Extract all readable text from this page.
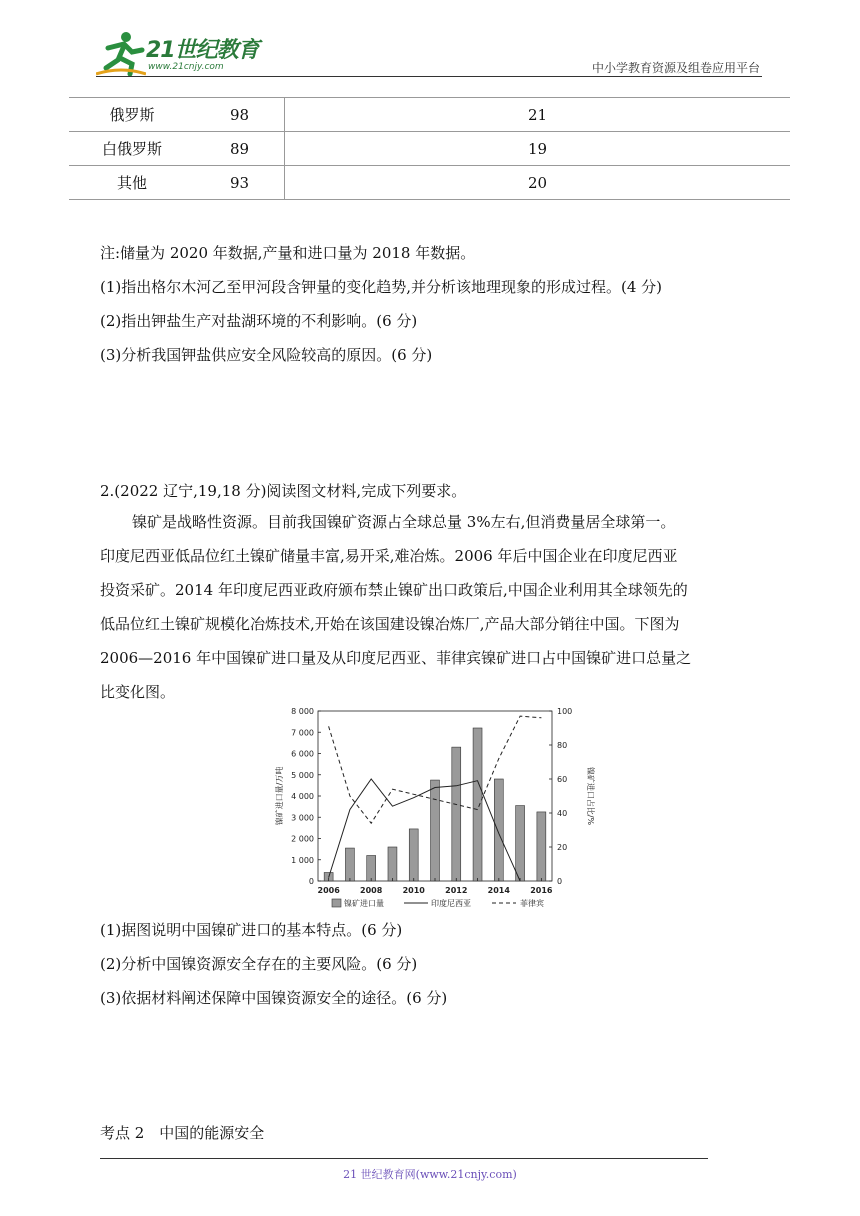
21世纪教育
www.21cnjy.com	中小学教育资源及组卷应用平台
俄罗斯	98	21
白俄罗斯	89	19
其他	93	20
注:储量为 2020 年数据,产量和进口量为 2018 年数据。
(1)指出格尔木河乙至甲河段含钾量的变化趋势,并分析该地理现象的形成过程。(4 分)
(2)指出钾盐生产对盐湖环境的不利影响。(6 分)
(3)分析我国钾盐供应安全风险较高的原因。(6 分)
2.(2022 辽宁,19,18 分)阅读图文材料,完成下列要求。
镍矿是战略性资源。目前我国镍矿资源占全球总量 3%左右,但消费量居全球第一。
印度尼西亚低品位红土镍矿储量丰富,易开采,难冶炼。2006 年后中国企业在印度尼西亚
投资采矿。2014 年印度尼西亚政府颁布禁止镍矿出口政策后,中国企业利用其全球领先的
低品位红土镍矿规模化冶炼技术,开始在该国建设镍冶炼厂,产品大部分销往中国。下图为
2006—2016 年中国镍矿进口量及从印度尼西亚、菲律宾镍矿进口占中国镍矿进口总量之
比变化图。
0
1 000
2 000
3 000
4 000
5 000
6 000
7 000
8 000
0
20
40
60
80
100
镍矿进口量/万吨	镍矿进口占比/%
2006	2008	2010	2012	2014	2016
镍矿进口量	印度尼西亚	菲律宾
(1)据图说明中国镍矿进口的基本特点。(6 分)
(2)分析中国镍资源安全存在的主要风险。(6 分)
(3)依据材料阐述保障中国镍资源安全的途径。(6 分)
考点 2　中国的能源安全
21 世纪教育网(www.21cnjy.com)
